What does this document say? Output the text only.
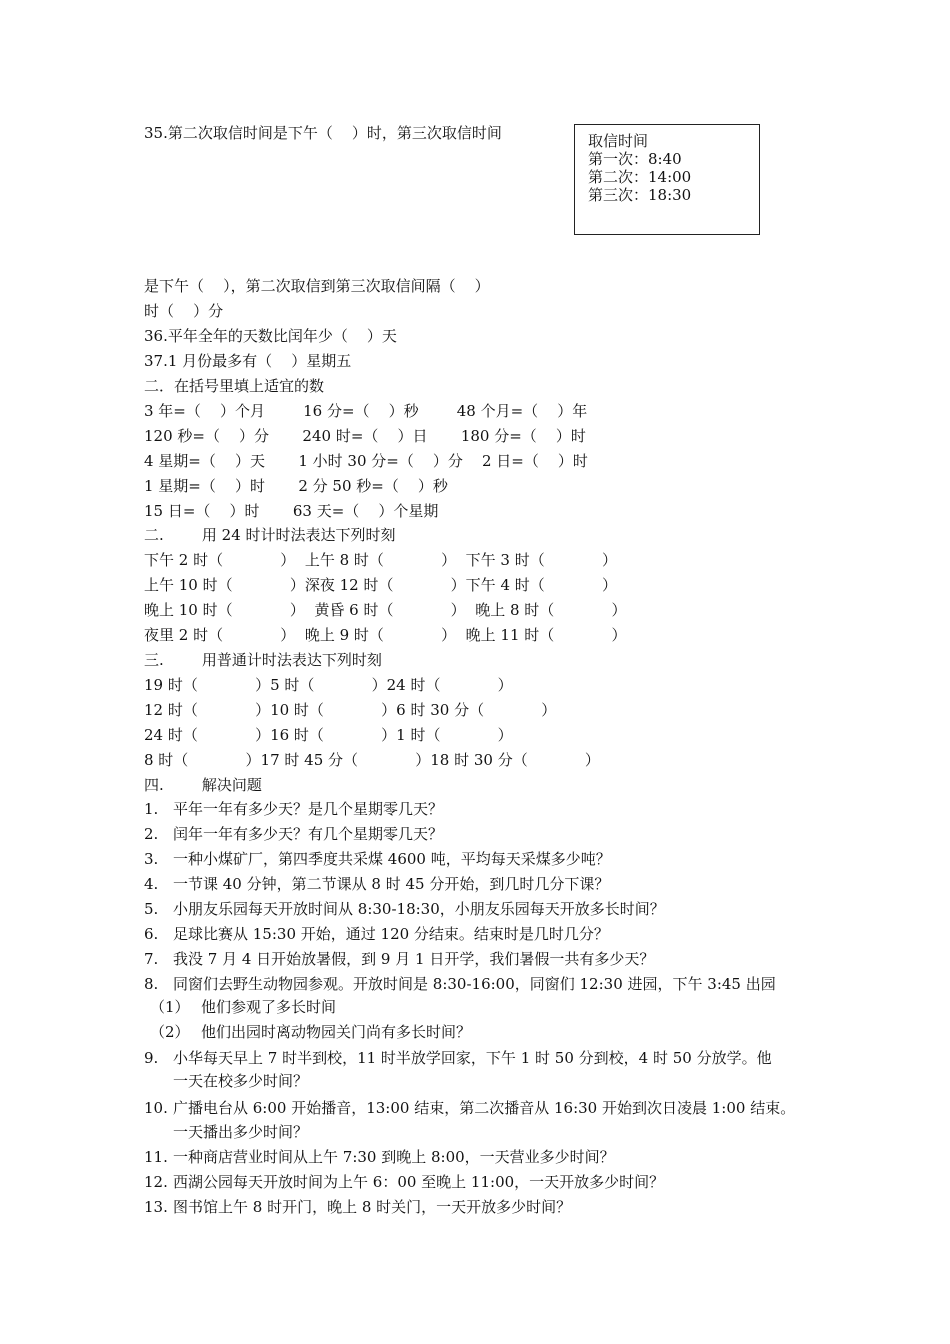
35.第二次取信时间是下午（    ）时，第三次取信时间	取信时间
第一次：8:40
第二次：14:00
第三次：18:30
是下午（    ），第二次取信到第三次取信间隔（    ）
时（    ）分
36.平年全年的天数比闰年少（    ）天
37.1 月份最多有（    ）星期五
二．在括号里填上适宜的数
3 年=（    ）个月        16 分=（    ）秒        48 个月=（    ）年
120 秒=（    ）分       240 时=（    ）日       180 分=（    ）时
4 星期=（    ）天       1 小时 30 分=（    ）分    2 日=（    ）时
1 星期=（    ）时       2 分 50 秒=（    ）秒
15 日=（    ）时       63 天=（    ）个星期
二.        用 24 时计时法表达下列时刻
下午 2 时（            ）  上午 8 时（            ）  下午 3 时（            ）
上午 10 时（            ）深夜 12 时（            ）下午 4 时（            ）
晚上 10 时（            ）  黄昏 6 时（            ）  晚上 8 时（            ）
夜里 2 时（            ）  晚上 9 时（            ）  晚上 11 时（            ）
三.        用普通计时法表达下列时刻
19 时（            ）5 时（            ）24 时（            ）
12 时（            ）10 时（            ）6 时 30 分（            ）
24 时（            ）16 时（            ）1 时（            ）
8 时（            ）17 时 45 分（            ）18 时 30 分（            ）
四.        解决问题
1. 平年一年有多少天？是几个星期零几天？
2. 闰年一年有多少天？有几个星期零几天？
3. 一种小煤矿厂，第四季度共采煤 4600 吨，平均每天采煤多少吨？
4. 一节课 40 分钟，第二节课从 8 时 45 分开始，到几时几分下课？
5. 小朋友乐园每天开放时间从 8:30-18:30，小朋友乐园每天开放多长时间？
6. 足球比赛从 15:30 开始，通过 120 分结束。结束时是几时几分？
7. 我没 7 月 4 日开始放暑假，到 9 月 1 日开学，我们暑假一共有多少天？
8. 同窗们去野生动物园参观。开放时间是 8:30-16:00，同窗们 12:30 进园，下午 3:45 出园
（1） 他们参观了多长时间
（2） 他们出园时离动物园关门尚有多长时间？
9. 小华每天早上 7 时半到校，11 时半放学回家，下午 1 时 50 分到校，4 时 50 分放学。他
一天在校多少时间？
10. 广播电台从 6:00 开始播音，13:00 结束，第二次播音从 16:30 开始到次日凌晨 1:00 结束。
一天播出多少时间？
11. 一种商店营业时间从上午 7:30 到晚上 8:00，一天营业多少时间？
12. 西湖公园每天开放时间为上午 6：00 至晚上 11:00，一天开放多少时间？
13. 图书馆上午 8 时开门，晚上 8 时关门，一天开放多少时间？
